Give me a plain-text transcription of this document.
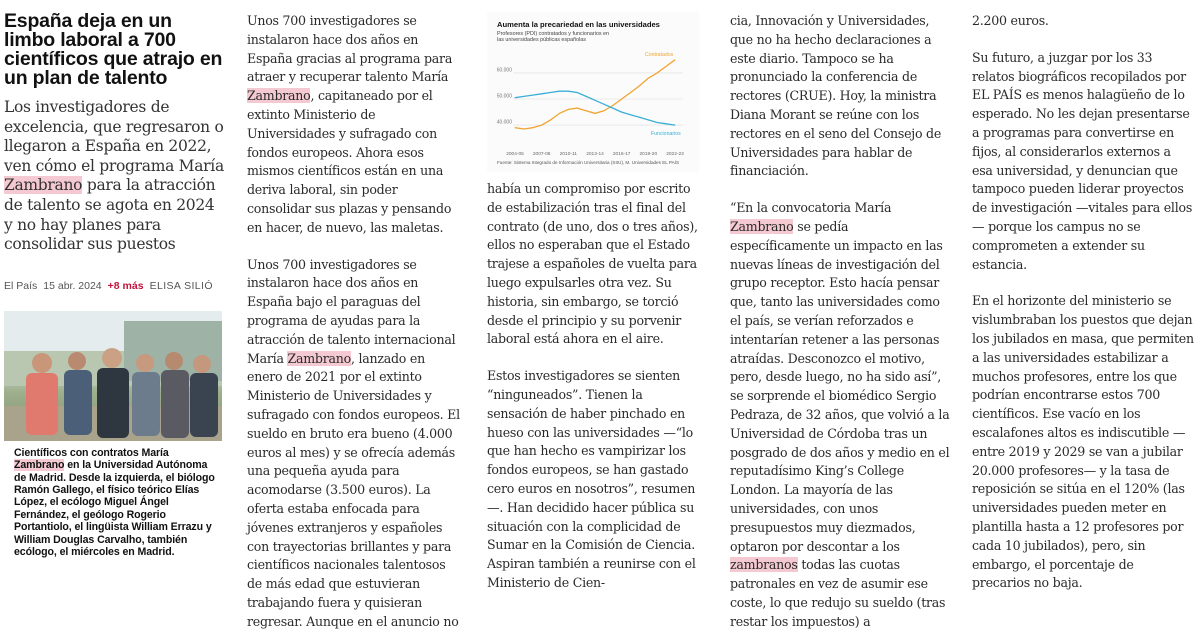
España deja en un limbo laboral a 700 científicos que atrajo en un plan de talento

Los investigadores de excelencia, que regresaron o llegaron a España en 2022, ven cómo el programa María Zambrano para la atracción de talento se agota en 2024 y no hay planes para consolidar sus puestos

El País 15 abr. 2024 +8 más ELISA SILIÓ

Científicos con contratos María Zambrano en la Universidad Autónoma de Madrid. Desde la izquierda, el biólogo Ramón Gallego, el físico teórico Elías López, el ecólogo Miguel Ángel Fernández, el geólogo Rogerio Portantiolo, el lingüista William Errazu y William Douglas Carvalho, también ecólogo, el miércoles en Madrid.

Unos 700 investigadores se instalaron hace dos años en España gracias al programa para atraer y recuperar talento María Zambrano, capitaneado por el extinto Ministerio de Universidades y sufragado con fondos europeos. Ahora esos mismos científicos están en una deriva laboral, sin poder consolidar sus plazas y pensando en hacer, de nuevo, las maletas.

Unos 700 investigadores se instalaron hace dos años en España bajo el paraguas del programa de ayudas para la atracción de talento internacional María Zambrano, lanzado en enero de 2021 por el extinto Ministerio de Universidades y sufragado con fondos europeos. El sueldo en bruto era bueno (4.000 euros al mes) y se ofrecía además una pequeña ayuda para acomodarse (3.500 euros). La oferta estaba enfocada para jóvenes extranjeros y españoles con trayectorias brillantes y para científicos nacionales talentosos de más edad que estuvieran trabajando fuera y quisieran regresar. Aunque en el anuncio no

Aumenta la precariedad en las universidades
Profesores (PDI) contratados y funcionarios en las universidades públicas españolas
40.000
50.000
60.000
2004-05 2007-08 2010-11 2013-14 2016-17 2019-20 2022-23
Contratados
Funcionarios
Fuente: Sistema Integrado de Información Universitaria (SIIU), M. Universidades EL PAÍS

había un compromiso por escrito de estabilización tras el final del contrato (de uno, dos o tres años), ellos no esperaban que el Estado trajese a españoles de vuelta para luego expulsarles otra vez. Su historia, sin embargo, se torció desde el principio y su porvenir laboral está ahora en el aire.

Estos investigadores se sienten “ninguneados”. Tienen la sensación de haber pinchado en hueso con las universidades —“lo que han hecho es vampirizar los fondos europeos, se han gastado cero euros en nosotros”, resumen—. Han decidido hacer pública su situación con la complicidad de Sumar en la Comisión de Ciencia. Aspiran también a reunirse con el Ministerio de Cien-

cia, Innovación y Universidades, que no ha hecho declaraciones a este diario. Tampoco se ha pronunciado la conferencia de rectores (CRUE). Hoy, la ministra Diana Morant se reúne con los rectores en el seno del Consejo de Universidades para hablar de financiación.

“En la convocatoria María Zambrano se pedía específicamente un impacto en las nuevas líneas de investigación del grupo receptor. Esto hacía pensar que, tanto las universidades como el país, se verían reforzados e intentarían retener a las personas atraídas. Desconozco el motivo, pero, desde luego, no ha sido así”, se sorprende el biomédico Sergio Pedraza, de 32 años, que volvió a la Universidad de Córdoba tras un posgrado de dos años y medio en el reputadísimo King’s College London. La mayoría de las universidades, con unos presupuestos muy diezmados, optaron por descontar a los zambranos todas las cuotas patronales en vez de asumir ese coste, lo que redujo su sueldo (tras restar los impuestos) a

2.200 euros.

Su futuro, a juzgar por los 33 relatos biográficos recopilados por EL PAÍS es menos halagüeño de lo esperado. No les dejan presentarse a programas para convertirse en fijos, al considerarlos externos a esa universidad, y denuncian que tampoco pueden liderar proyectos de investigación —vitales para ellos— porque los campus no se comprometen a extender su estancia.

En el horizonte del ministerio se vislumbraban los puestos que dejan los jubilados en masa, que permiten a las universidades estabilizar a muchos profesores, entre los que podrían encontrarse estos 700 científicos. Ese vacío en los escalafones altos es indiscutible —entre 2019 y 2029 se van a jubilar 20.000 profesores— y la tasa de reposición se sitúa en el 120% (las universidades pueden meter en plantilla hasta a 12 profesores por cada 10 jubilados), pero, sin embargo, el porcentaje de precarios no baja.
